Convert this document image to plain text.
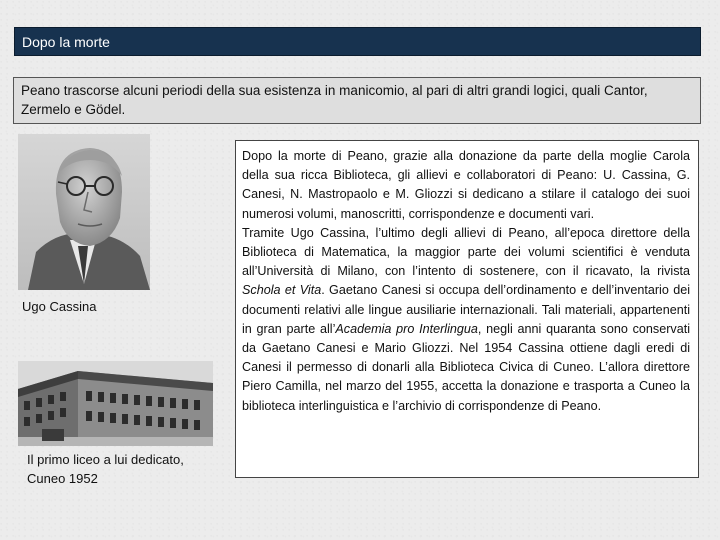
Dopo la morte
Peano trascorse alcuni periodi della sua esistenza in manicomio, al pari di altri grandi logici, quali Cantor, Zermelo e Gödel.
Ugo Cassina
Il primo liceo a lui dedicato, Cuneo 1952

Dopo la morte di Peano, grazie alla donazione da parte della moglie Carola della sua ricca Biblioteca, gli allievi e collaboratori di Peano: U. Cassina, G. Canesi, N. Mastropaolo e M. Gliozzi si dedicano a stilare il catalogo dei suoi numerosi volumi, manoscritti, corrispondenze e documenti vari.

Tramite Ugo Cassina, l’ultimo degli allievi di Peano, all’epoca direttore della Biblioteca di Matematica, la maggior parte dei volumi scientifici è venduta all’Università di Milano, con l’intento di sostenere, con il ricavato, la rivista Schola et Vita. Gaetano Canesi si occupa dell’ordinamento e dell’inventario dei documenti relativi alle lingue ausiliarie internazionali. Tali materiali, appartenenti in gran parte all’Academia pro Interlingua, negli anni quaranta sono conservati da Gaetano Canesi e Mario Gliozzi. Nel 1954 Cassina ottiene dagli eredi di Canesi il permesso di donarli alla Biblioteca Civica di Cuneo. L’allora direttore Piero Camilla, nel marzo del 1955, accetta la donazione e trasporta a Cuneo la biblioteca interlinguistica e l’archivio di corrispondenze di Peano.
